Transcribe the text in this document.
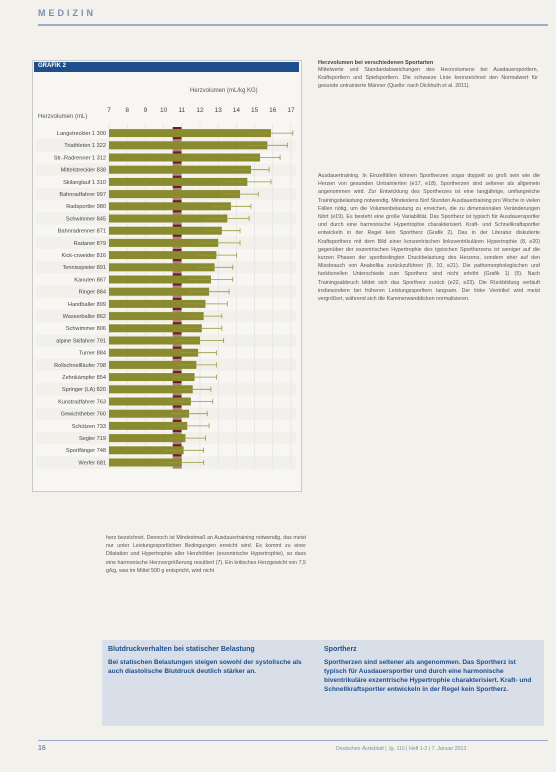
MEDIZIN
GRAFIK 2
Herzvolumen (mL/kg KG)
Herzvolumen (mL)
7 8 9 10 11 12 13 14 15 16 17
Langstreckler 1 300
Triathleten 1 322
Str.-Radrenner 1 312
Mittelstreckler 838
Skilanglauf 1 310
Bahnradfahrer 997
Radsportler 980
Schwimmer 845
Bahnradrenner 871
Radaner 879
Kick-crweider 816
Tennisspieler 891
Kanuten 867
Ringer 884
Handballer 899
Wasserballer 862
Schwimmer 806
alpine Skifahrer 791
Turner 884
Rollschnellläufer 798
Zehnkämpfer 854
Springer (LA) 820
Kunstradfahrer 763
Gewichtheber 760
Schützen 733
Segler 719
Sportfänger 748
Werfer 681
Herzvolumen bei verschiedenen Sportarten
Mittelwerte und Standardabweichungen des Herzvolumens bei Ausdauersportlern, Kraftsportlern und Spielsportlern. Die schwarze Linie kennzeichnet den Normalwert für gesunde untrainierte Männer (Quelle: nach Dickhuth et al. 2011).
Ausdauertraining. In Einzelfällen können Sportherzen sogar doppelt so groß sein wie die Herzen von gesunden Untrainierten (e17, e18). Sportherzen sind seltener als allgemein angenommen wird. Zur Entwicklung des Sportherzes ist eine langjährige, umfangreiche Trainingsbelastung notwendig. Mindestens fünf Stunden Ausdauertraining pro Woche in vielen Fällen nötig, um die Volumenbelastung zu erreichen, die zu dimensionalen Veränderungen führt (e19). Es besteht eine große Variabilität. Das Sportherz ist typisch für Ausdauersportler und durch eine harmonische Hypertrophie charakterisiert. Kraft- und Schnellkraftsportler entwickeln in der Regel kein Sportherz (Grafik 2). Das in der Literatur diskutierte Kraftsportherz mit dem Bild einer konzentrischen linksventrikulären Hypertrophie (8, e20) gegenüber der exzentrischen Hypertrophie des typischen Sportherzens ist weniger auf die kurzen Phasen der sportbedingten Druckbelastung des Herzens, sondern eher auf den Missbrauch von Anabolika zurückzuführen (9, 10, e21). Die pathomorphologischen und funktionellen Unterschiede zum Sportherz sind nicht erhöht (Grafik 1) (5). Nach Trainingsabbruch bildet sich das Sportherz zurück (e22, e23). Die Rückbildung verläuft insbesondere bei früheren Leistungssportlern langsam. Der linke Ventrikel wird meist vergrößert, während sich die Kammerwanddicken normalisieren.
herz bezeichnet. Dennoch ist Mindestmaß an Ausdauertraining notwendig, das meist nur unter Leistungssportlichen Bedingungen erreicht wird. Es kommt zu einer Dilatation und Hypertrophie aller Herzhöhlen (exzentrische Hypertrophie), so dass eine harmonische Herzvergrößerung resultiert (7). Ein kritisches Herzgewicht von 7,5 g/kg, was im Mittel 500 g entspricht, wird nicht
Blutdruckverhalten bei statischer Belastung
Bei statischen Belastungen steigen sowohl der systolische als auch diastolische Blutdruck deutlich stärker an.
Sportherz
Sportherzen sind seltener als angenommen. Das Sportherz ist typisch für Ausdauersportler und durch eine harmonische biventrikuläre exzentrische Hypertrophie charakterisiert. Kraft- und Schnellkraftsportler entwickeln in der Regel kein Sportherz.
16	Deutsches Ärzteblatt | Jg. 110 | Heft 1-2 | 7. Januar 2013
